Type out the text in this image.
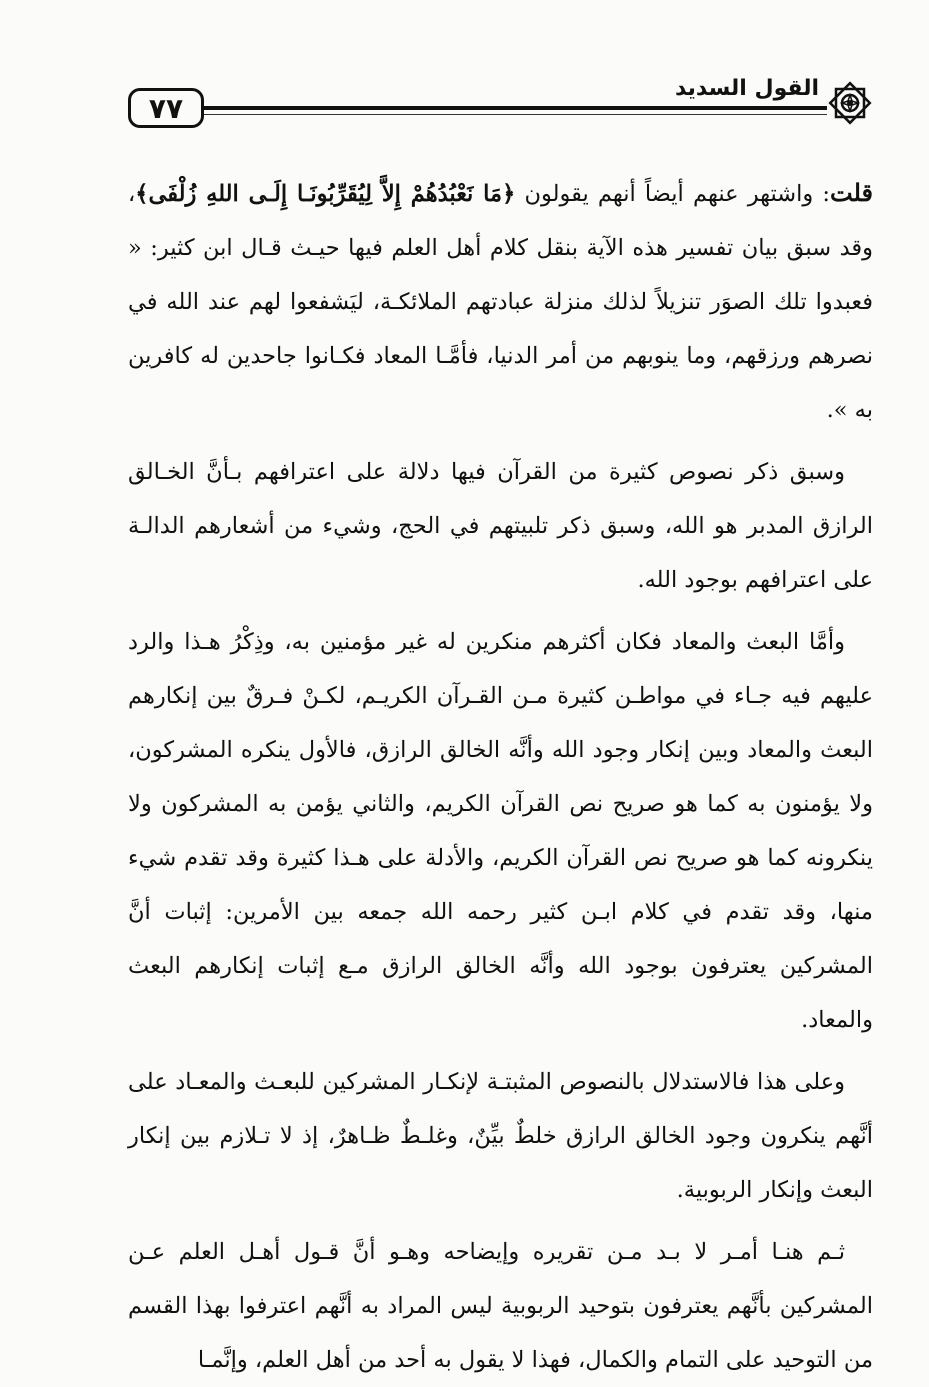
٧٧
القول السديد

قلت: واشتهر عنهم أيضاً أنهم يقولون ﴿مَا نَعْبُدُهُمْ إِلاَّ لِيُقَرِّبُونَـا إِلَـى اللهِ زُلْفَى﴾، وقد سبق بيان تفسير هذه الآية بنقل كلام أهل العلم فيها حيـث قـال ابن كثير: « فعبدوا تلك الصوَر تنزيلاً لذلك منزلة عبادتهم الملائكـة، ليَشفعوا لهم عند الله في نصرهم ورزقهم، وما ينوبهم من أمر الدنيا، فأمَّـا المعاد فكـانوا جاحدين له كافرين به ».

وسبق ذكر نصوص كثيرة من القرآن فيها دلالة على اعترافهم بـأنَّ الخـالق الرازق المدبر هو الله، وسبق ذكر تلبيتهم في الحج، وشيء من أشعارهم الدالـة على اعترافهم بوجود الله.

وأمَّا البعث والمعاد فكان أكثرهم منكرين له غير مؤمنين به، وذِكْرُ هـذا والرد عليهم فيه جـاء في مواطـن كثيرة مـن القـرآن الكريـم، لكـنْ فـرقٌ بين إنكارهم البعث والمعاد وبين إنكار وجود الله وأنَّه الخالق الرازق، فالأول ينكره المشركون، ولا يؤمنون به كما هو صريح نص القرآن الكريم، والثاني يؤمن به المشركون ولا ينكرونه كما هو صريح نص القرآن الكريم، والأدلة على هـذا كثيرة وقد تقدم شيء منها، وقد تقدم في كلام ابـن كثير رحمه الله جمعه بين الأمرين: إثبات أنَّ المشركين يعترفون بوجود الله وأنَّه الخالق الرازق مـع إثبات إنكارهم البعث والمعاد.

وعلى هذا فالاستدلال بالنصوص المثبتـة لإنكـار المشركين للبعـث والمعـاد على أنَّهم ينكرون وجود الخالق الرازق خلطٌ بيِّنٌ، وغلـطٌ ظـاهرٌ، إذ لا تـلازم بين إنكار البعث وإنكار الربوبية.

ثـم هنـا أمـر لا بـد مـن تقريره وإيضاحه وهـو أنَّ قـول أهـل العلم عـن المشركين بأنَّهم يعترفون بتوحيد الربوبية ليس المراد به أنَّهم اعترفوا بهذا القسم من التوحيد على التمام والكمال، فهذا لا يقول به أحد من أهل العلم، وإنَّمـا
